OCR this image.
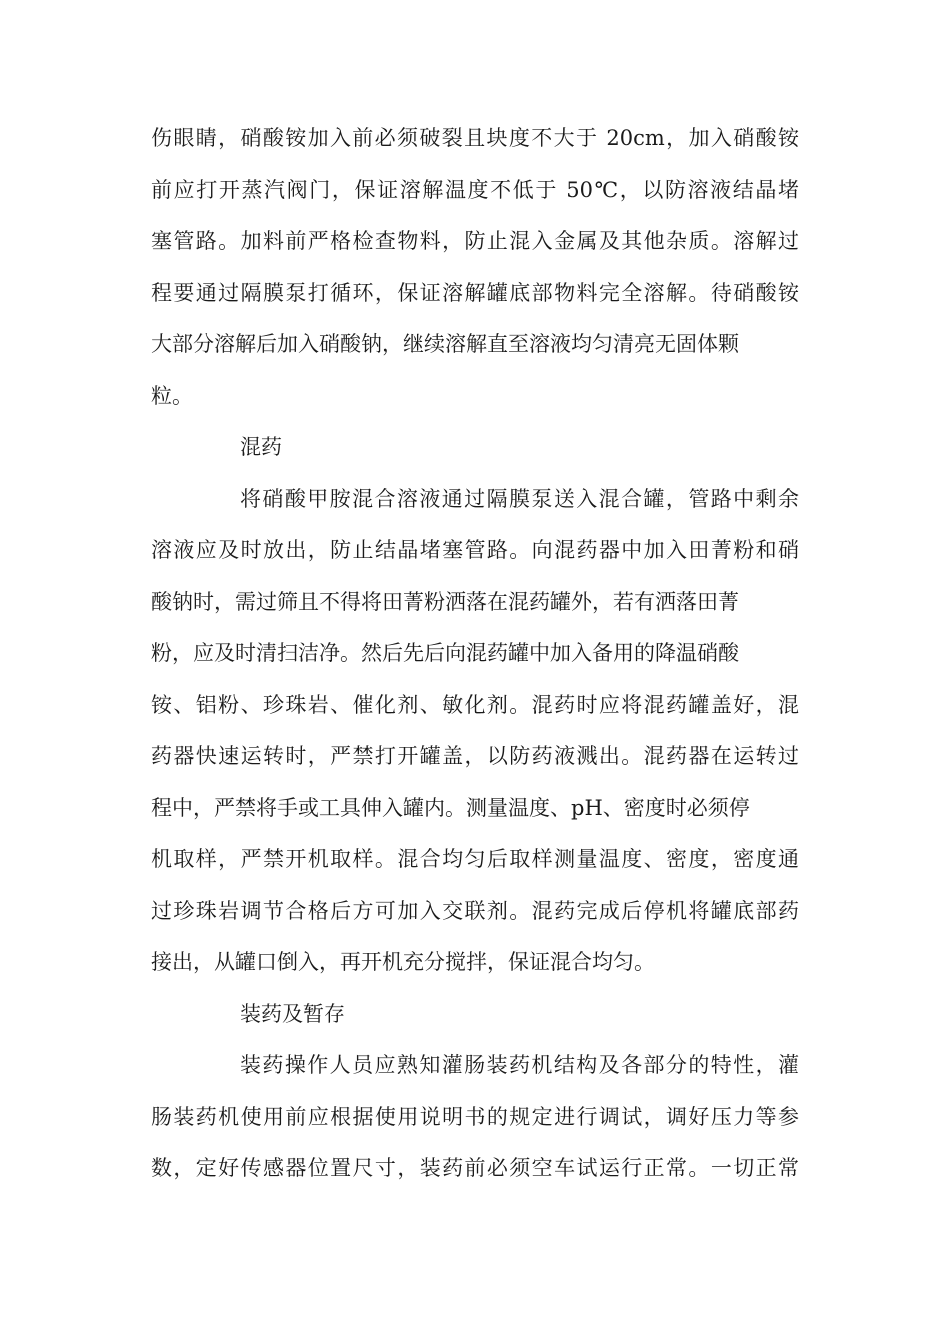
伤眼睛，硝酸铵加入前必须破裂且块度不大于 20cm，加入硝酸铵
前应打开蒸汽阀门，保证溶解温度不低于 50℃，以防溶液结晶堵
塞管路。加料前严格检查物料，防止混入金属及其他杂质。溶解过
程要通过隔膜泵打循环，保证溶解罐底部物料完全溶解。待硝酸铵
大部分溶解后加入硝酸钠，继续溶解直至溶液均匀清亮无固体颗
粒。
混药
将硝酸甲胺混合溶液通过隔膜泵送入混合罐，管路中剩余
溶液应及时放出，防止结晶堵塞管路。向混药器中加入田菁粉和硝
酸钠时，需过筛且不得将田菁粉洒落在混药罐外，若有洒落田菁
粉，应及时清扫洁净。然后先后向混药罐中加入备用的降温硝酸
铵、铝粉、珍珠岩、催化剂、敏化剂。混药时应将混药罐盖好，混
药器快速运转时，严禁打开罐盖，以防药液溅出。混药器在运转过
程中，严禁将手或工具伸入罐内。测量温度、pH、密度时必须停
机取样，严禁开机取样。混合均匀后取样测量温度、密度，密度通
过珍珠岩调节合格后方可加入交联剂。混药完成后停机将罐底部药
接出，从罐口倒入，再开机充分搅拌，保证混合均匀。
装药及暂存
装药操作人员应熟知灌肠装药机结构及各部分的特性，灌
肠装药机使用前应根据使用说明书的规定进行调试，调好压力等参
数，定好传感器位置尺寸，装药前必须空车试运行正常。一切正常
